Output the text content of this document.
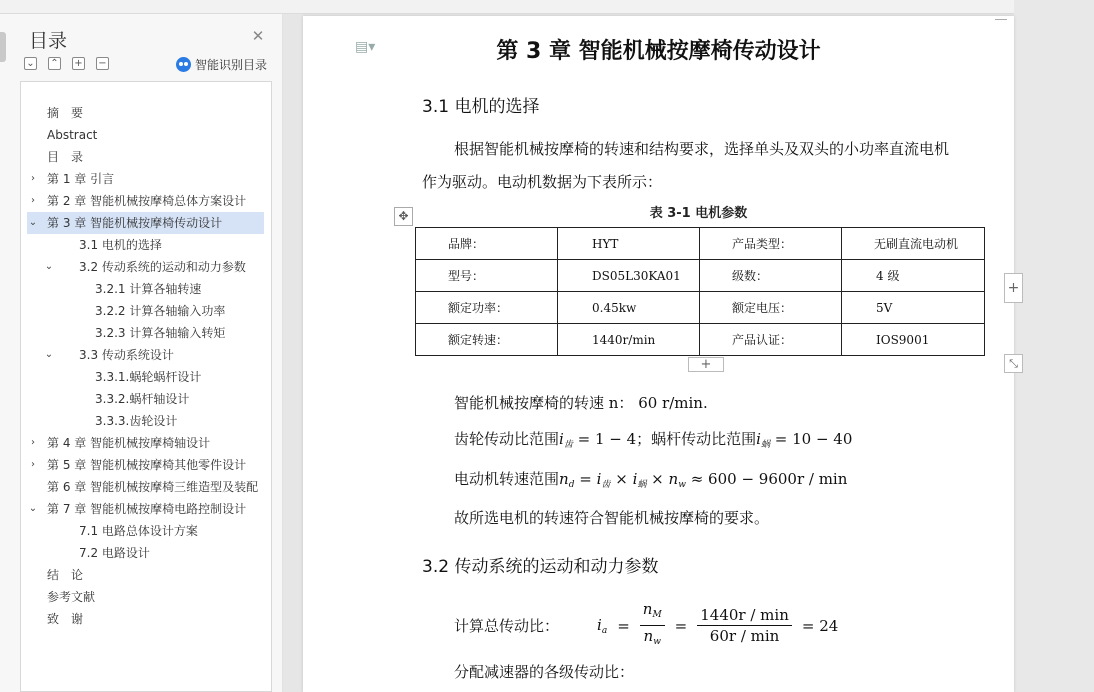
目录	✕
⌄ ⌃ + −	智能识别目录
摘　要
Abstract
目　录
›	第 1 章 引言
›	第 2 章 智能机械按摩椅总体方案设计
⌄ 第 3 章 智能机械按摩椅传动设计
3.1 电机的选择
⌄ 3.2 传动系统的运动和动力参数
3.2.1 计算各轴转速
3.2.2 计算各轴输入功率
3.2.3 计算各轴输入转矩
⌄ 3.3 传动系统设计
3.3.1.蜗轮蜗杆设计
3.3.2.蜗杆轴设计
3.3.3.齿轮设计
›	第 4 章 智能机械按摩椅轴设计
›	第 5 章 智能机械按摩椅其他零件设计
第 6 章 智能机械按摩椅三维造型及装配
⌄ 第 7 章 智能机械按摩椅电路控制设计
7.1 电路总体设计方案
7.2 电路设计
结　论
参考文献
致　谢
▤▾	第 3 章 智能机械按摩椅传动设计
3.1 电机的选择
根据智能机械按摩椅的转速和结构要求，选择单头及双头的小功率直流电机
作为驱动。电动机数据为下表所示：
✥	表 3-1 电机参数
品牌：	HYT	产品类型：	无刷直流电动机
型号：	DS05L30KA01	级数：	4 级
额定功率：	0.45kw	额定电压：	5V
额定转速：	1440r/min	产品认证：	IOS9001
+
+
⤡
智能机械按摩椅的转速 n： 60 r/min.
齿轮传动比范围$i_齿 = 1 - 4$；蜗杆传动比范围$i_蜗 = 10 - 40$
电动机转速范围$n_d = i_齿 \times i_蜗 \times n_w \approx 600 - 9600r / \min$
故所选电机的转速符合智能机械按摩椅的要求。
3.2 传动系统的运动和动力参数
计算总传动比：	$i_a = \frac{n_M}{n_w} = \frac{1440r / \min}{60r / \min} = 24$
分配减速器的各级传动比：
